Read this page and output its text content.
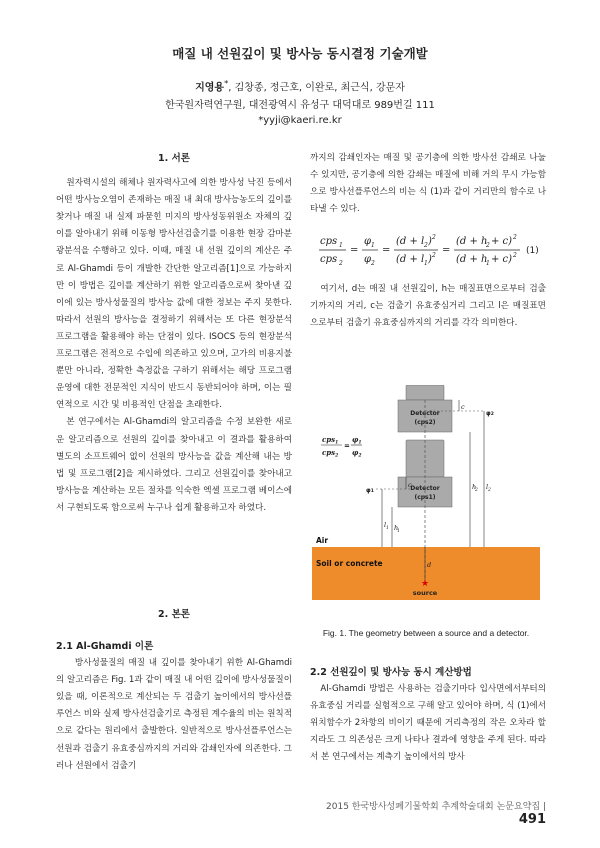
매질 내 선원깊이 및 방사능 동시결정 기술개발
지영용*, 김창종, 정근호, 이완로, 최근식, 강문자
한국원자력연구원, 대전광역시 유성구 대덕대로 989번길 111
*yyji@kaeri.re.kr

1. 서론

원자력시설의 해체나 원자력사고에 의한 방사성 낙진 등에서 어떤 방사능오염이 존재하는 매질 내 최대 방사능농도의 깊이를 찾거나 매질 내 실제 파묻힌 미지의 방사성동위원소 자체의 깊이를 알아내기 위해 이동형 방사선검출기를 이용한 현장 감마분광분석을 수행하고 있다. 이때, 매질 내 선원 깊이의 계산은 주로 Al-Ghamdi 등이 개발한 간단한 알고리즘[1]으로 가능하지만 이 방법은 깊이를 계산하기 위한 알고리즘으로써 찾아낸 깊이에 있는 방사성물질의 방사능 값에 대한 정보는 주지 못한다. 따라서 선원의 방사능을 결정하기 위해서는 또 다른 현장분석 프로그램을 활용해야 하는 단점이 있다. ISOCS 등의 현장분석 프로그램은 전적으로 수입에 의존하고 있으며, 고가의 비용지불뿐만 아니라, 정확한 측정값을 구하기 위해서는 해당 프로그램 운영에 대한 전문적인 지식이 반드시 동반되어야 하며, 이는 필연적으로 시간 및 비용적인 단점을 초래한다.

본 연구에서는 Al-Ghamdi의 알고리즘을 수정 보완한 새로운 알고리즘으로 선원의 깊이를 찾아내고 이 결과를 활용하여 별도의 소프트웨어 없이 선원의 방사능을 값을 계산해 내는 방법 및 프로그램[2]을 제시하였다. 그리고 선원깊이를 찾아내고 방사능을 계산하는 모든 절차를 익숙한 엑셀 프로그램 베이스에서 구현되도록 함으로써 누구나 쉽게 활용하고자 하였다.

2. 본론

2.1 Al-Ghamdi 이론

방사성물질의 매질 내 깊이를 찾아내기 위한 Al-Ghamdi의 알고리즘은 Fig. 1과 같이 매질 내 어떤 깊이에 방사성물질이 있을 때, 이론적으로 계산되는 두 검출기 높이에서의 방사선플루언스 비와 실제 방사선검출기로 측정된 계수율의 비는 원칙적으로 같다는 원리에서 출발한다. 일반적으로 방사선플루언스는 선원과 검출기 유효중심까지의 거리와 감쇄인자에 의존한다. 그러나 선원에서 검출기

까지의 감쇄인자는 매질 및 공기층에 의한 방사선 감쇄로 나눌 수 있지만, 공기층에 의한 감쇄는 매질에 비해 거의 무시 가능함으로 방사선플루언스의 비는 식 (1)과 같이 거리만의 함수로 나타낼 수 있다.

cps 1
cps 2
=
φ 1
φ 2
=
(d + l 2 ) 2
(d + l 1 ) 2 =
(d + h
2 + c) 2
(d + h
1 + c) 2 (1)

여기서, d는 매질 내 선원깊이, h는 매질표면으로부터 검출기까지의 거리, c는 검출기 유효중심거리 그리고 l은 매질표면으로부터 검출기 유효중심까지의 거리를 각각 의미한다.

Air
Soil or concrete
Detector
(cps2)
Detector
(cps1)
c
c	h
2 l 2
l 1 h
1
d
φ2
φ1
cps$_1$
cps$_2$
=
$\varphi_1$
$\varphi_2$
★
source
Fig. 1. The geometry between a source and a detector.

2.2 선원깊이 및 방사능 동시 계산방법

Al-Ghamdi 방법은 사용하는 검출기마다 입사면에서부터의 유효중심 거리를 실험적으로 구해 알고 있어야 하며, 식 (1)에서 위치함수가 2차항의 비이기 때문에 거리측정의 작은 오차라 할지라도 그 의존성은 크게 나타나 결과에 영향을 주게 된다. 따라서 본 연구에서는 계측기 높이에서의 방사

2015 한국방사성폐기물학회 추계학술대회 논문요약집 | 491
